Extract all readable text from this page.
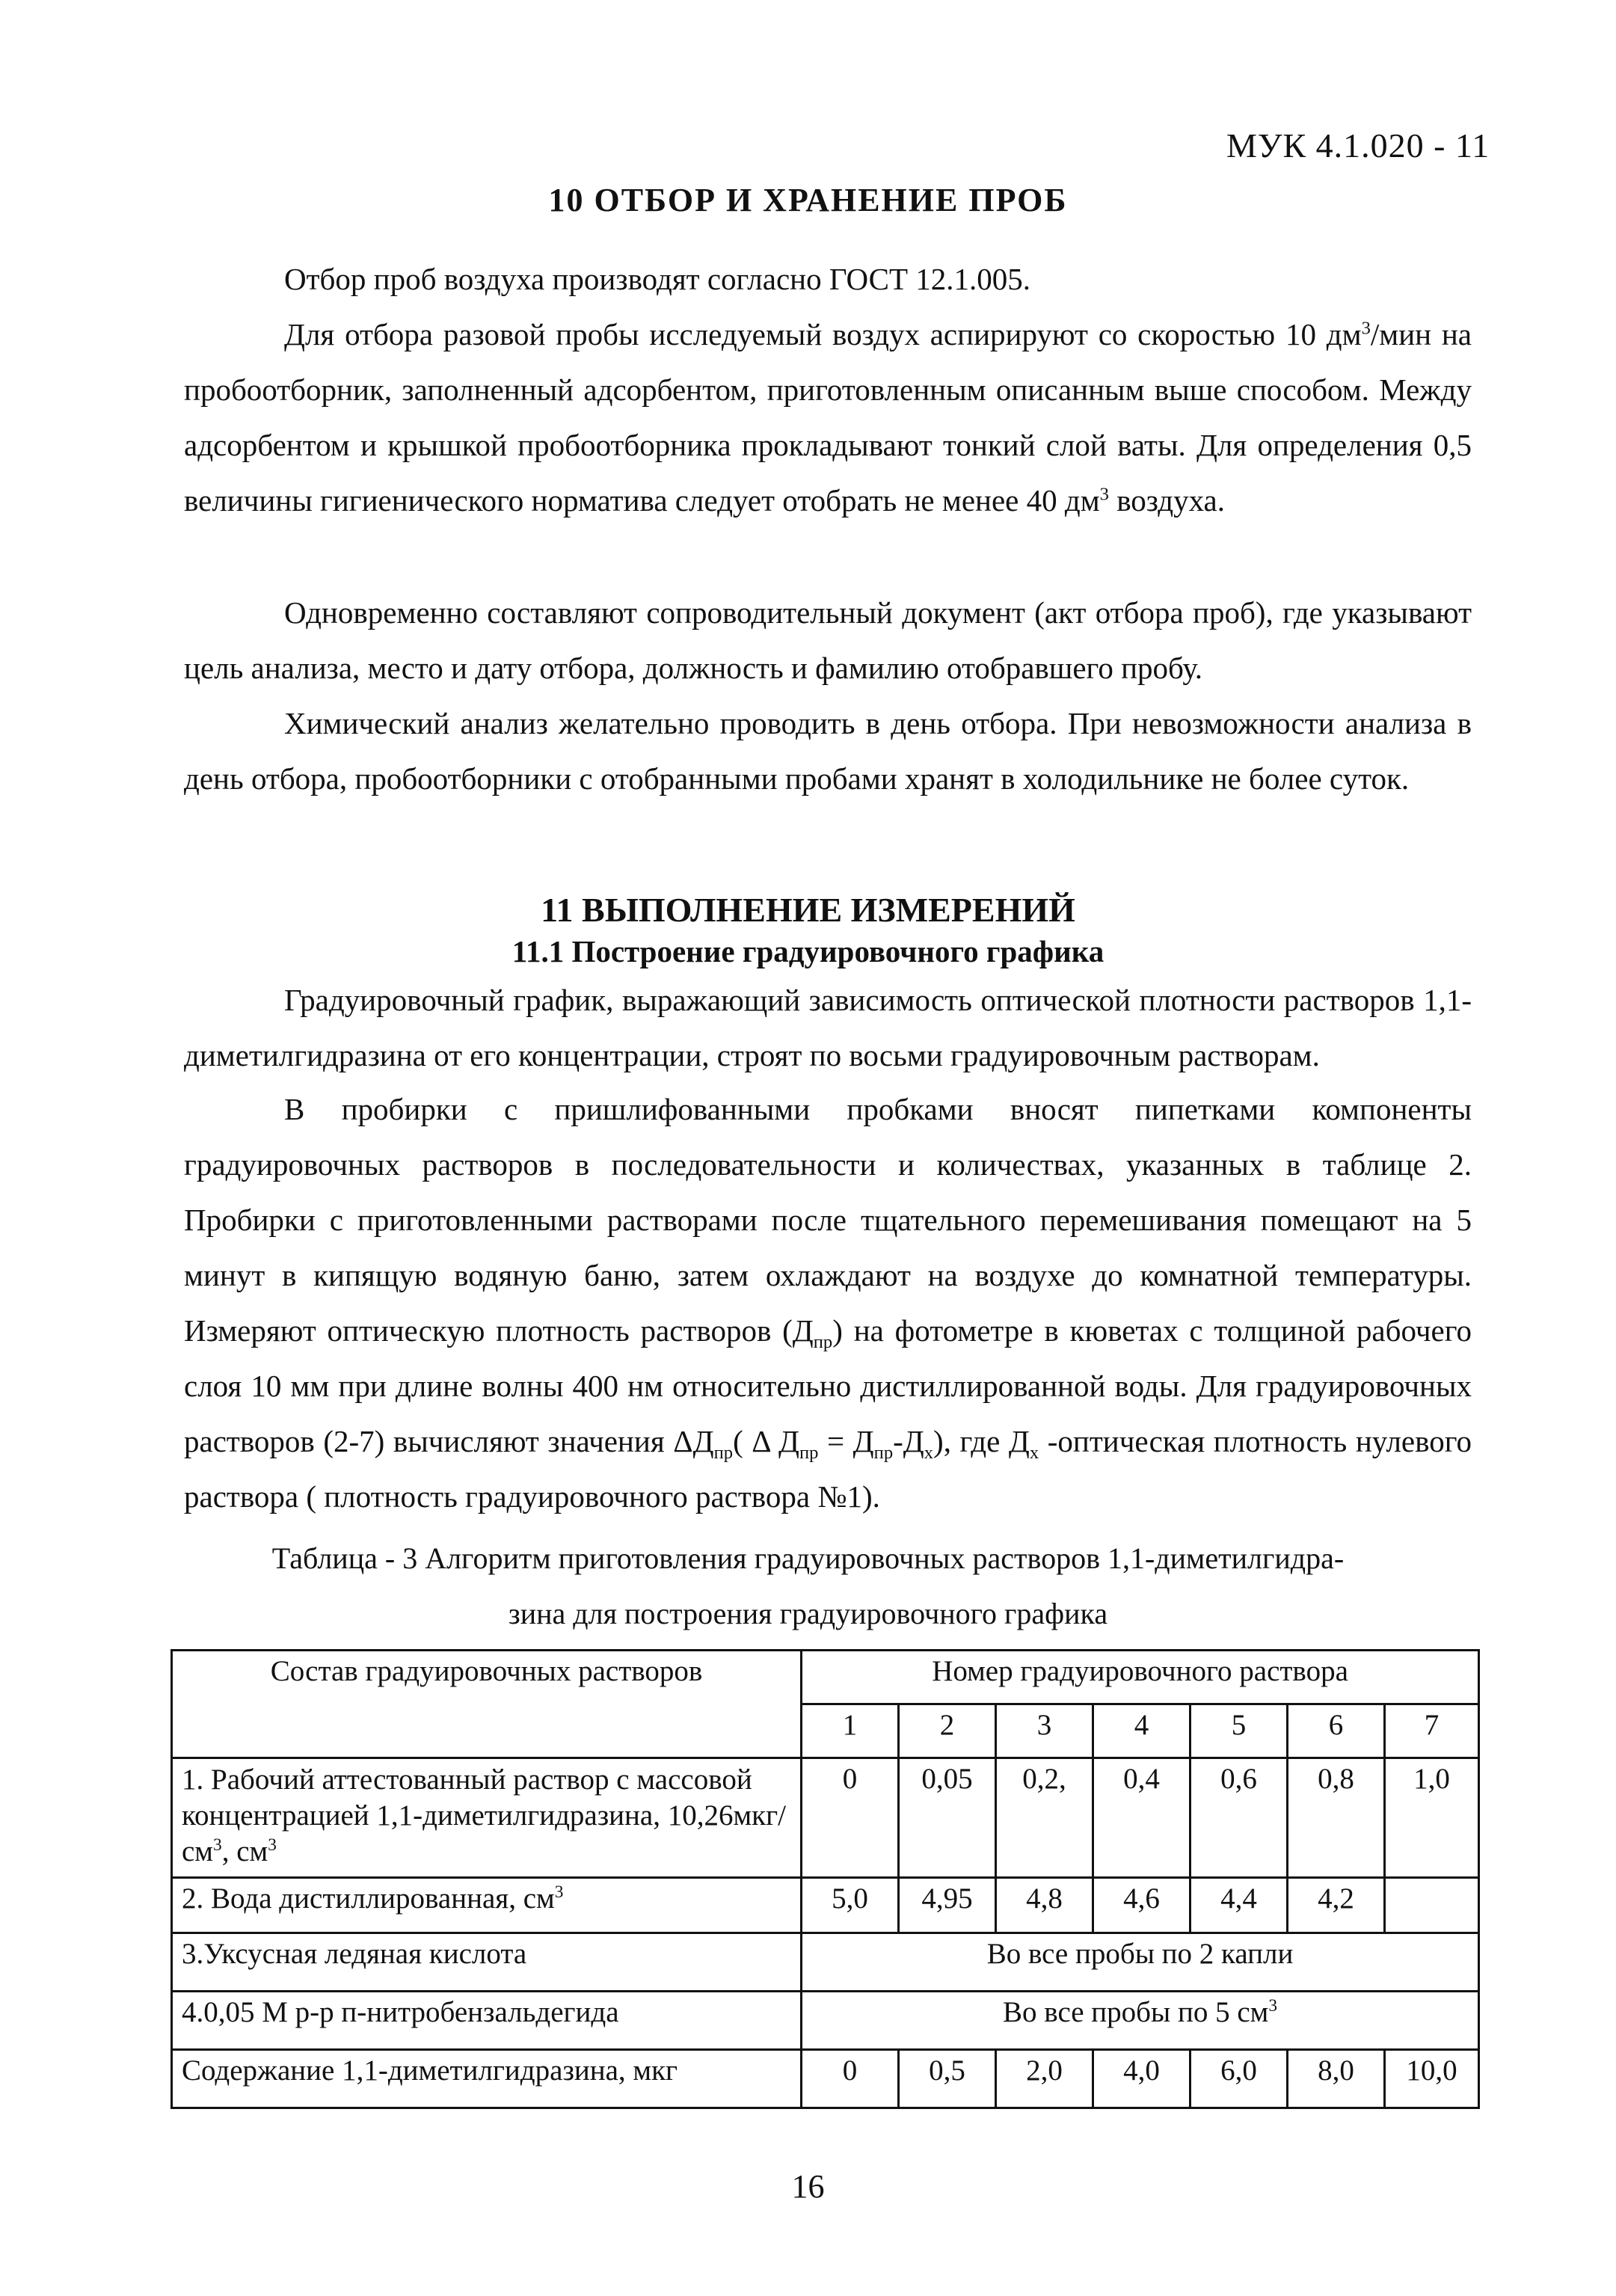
МУК 4.1.020 - 11
10 ОТБОР И ХРАНЕНИЕ ПРОБ

Отбор проб воздуха производят согласно ГОСТ 12.1.005.

Для отбора разовой пробы исследуемый воздух аспирируют со скоростью 10 $дм^3$/мин на пробоотборник, заполненный адсорбентом, приготовленным описанным выше способом. Между адсорбентом и крышкой пробоотборника прокладывают тонкий слой ваты. Для определения 0,5 величины гигиенического норматива следует отобрать не менее 40 $дм^3$ воздуха.

Одновременно составляют сопроводительный документ (акт отбора проб), где указывают цель анализа, место и дату отбора, должность и фамилию отобравшего пробу.

Химический анализ желательно проводить в день отбора. При невозможности анализа в день отбора, пробоотборники с отобранными пробами хранят в холодильнике не более суток.

11 ВЫПОЛНЕНИЕ ИЗМЕРЕНИЙ
11.1 Построение градуировочного графика

Градуировочный график, выражающий зависимость оптической плотности растворов 1,1- диметилгидразина от его концентрации, строят по восьми градуировочным растворам.

В пробирки с пришлифованными пробками вносят пипетками компоненты градуировочных растворов в последовательности и количествах, указанных в таблице 2. Пробирки с приготовленными растворами после тщательного перемешивания помещают на 5 минут в кипящую водяную баню, затем охлаждают на воздухе до комнатной температуры. Измеряют оптическую плотность растворов $(Д_{пр})$ на фотометре в кюветах с толщиной рабочего слоя 10 мм при длине волны 400 нм относительно дистиллированной воды. Для градуировочных растворов (2-7) вычисляют значения $\Delta Д_{пр}$( Δ $Д_{пр} = Д_{пр}-Д_х$), где $Д_х$ -оптическая плотность нулевого раствора ( плотность градуировочного раствора №1).

Таблица - 3 Алгоритм приготовления градуировочных растворов 1,1-диметилгидра-
зина для построения градуировочного графика
Состав градуировочных растворов	Номер градуировочного раствора						
	1	2	3	4	5	6	7
1. Рабочий аттестованный раствор с массовой концентрацией 1,1-диметилгидразина, $10,26мкг/см^3$, $см^3$	0	0,05	0,2,	0,4	0,6	0,8	1,0
2. Вода дистиллированная, $см^3$	5,0	4,95	4,8	4,6	4,4	4,2	
3.Уксусная ледяная кислота	Во все пробы по 2 капли						
4.0,05 М р-р п-нитробензальдегида	Во все пробы по 5 $см^3$
Содержание 1,1-диметилгидразина, мкг	0	0,5	2,0	4,0	6,0	8,0	10,0
16
